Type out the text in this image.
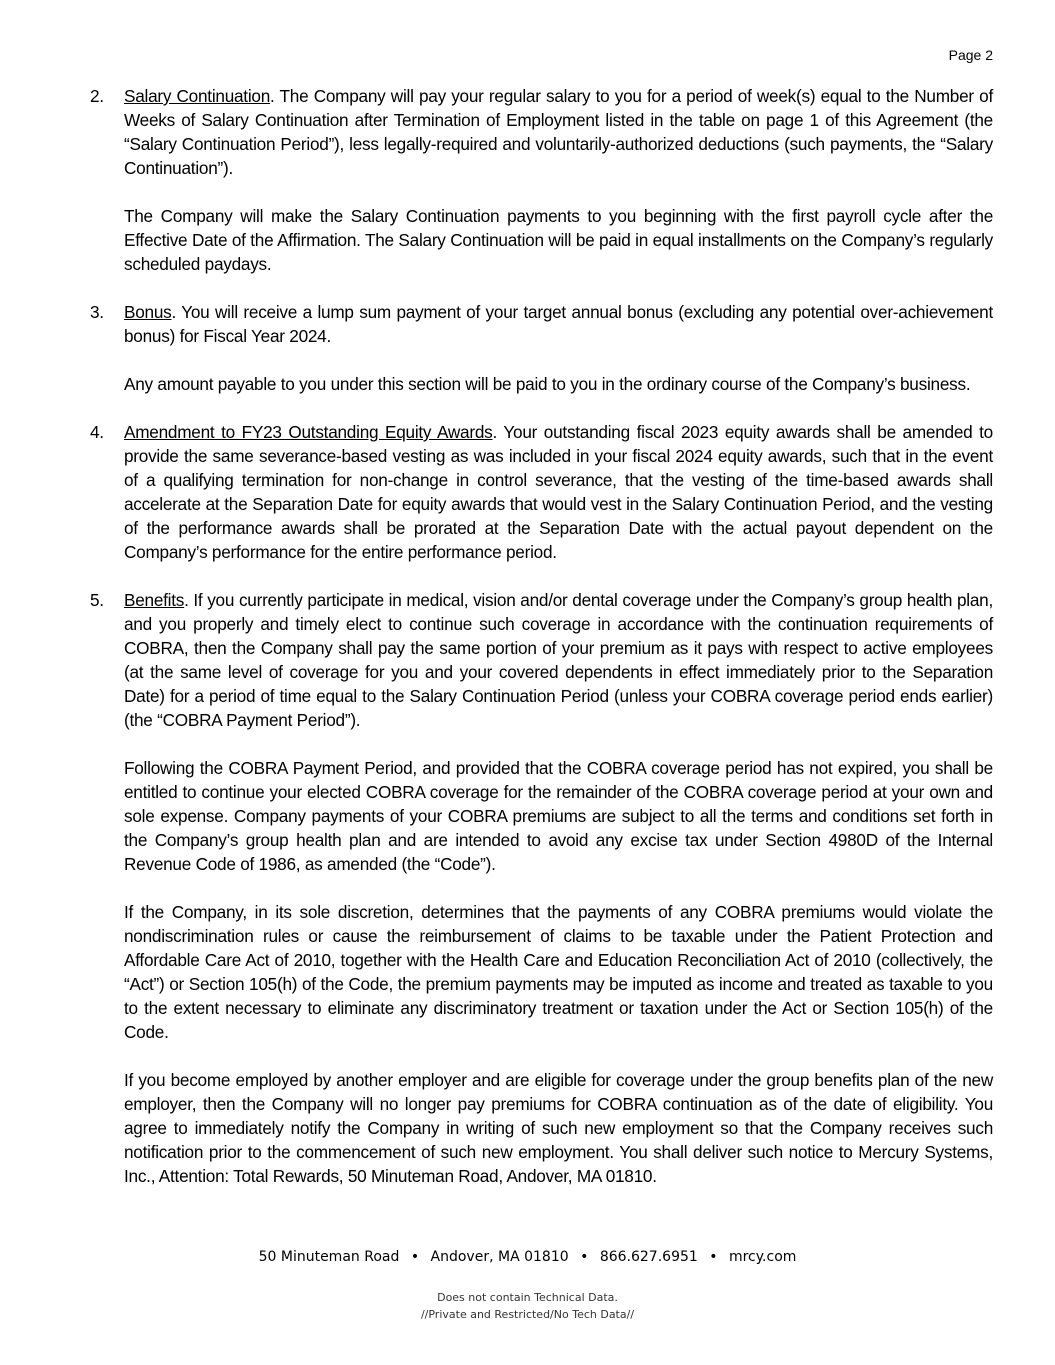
Page 2
2. Salary Continuation. The Company will pay your regular salary to you for a period of week(s) equal to the Number of Weeks of Salary Continuation after Termination of Employment listed in the table on page 1 of this Agreement (the “Salary Continuation Period”), less legally-required and voluntarily-authorized deductions (such payments, the “Salary Continuation”).
The Company will make the Salary Continuation payments to you beginning with the first payroll cycle after the Effective Date of the Affirmation. The Salary Continuation will be paid in equal installments on the Company’s regularly scheduled paydays.
3. Bonus. You will receive a lump sum payment of your target annual bonus (excluding any potential over-achievement bonus) for Fiscal Year 2024.
Any amount payable to you under this section will be paid to you in the ordinary course of the Company’s business.
4. Amendment to FY23 Outstanding Equity Awards. Your outstanding fiscal 2023 equity awards shall be amended to provide the same severance-based vesting as was included in your fiscal 2024 equity awards, such that in the event of a qualifying termination for non-change in control severance, that the vesting of the time-based awards shall accelerate at the Separation Date for equity awards that would vest in the Salary Continuation Period, and the vesting of the performance awards shall be prorated at the Separation Date with the actual payout dependent on the Company’s performance for the entire performance period.
5. Benefits. If you currently participate in medical, vision and/or dental coverage under the Company’s group health plan, and you properly and timely elect to continue such coverage in accordance with the continuation requirements of COBRA, then the Company shall pay the same portion of your premium as it pays with respect to active employees (at the same level of coverage for you and your covered dependents in effect immediately prior to the Separation Date) for a period of time equal to the Salary Continuation Period (unless your COBRA coverage period ends earlier) (the “COBRA Payment Period”).
Following the COBRA Payment Period, and provided that the COBRA coverage period has not expired, you shall be entitled to continue your elected COBRA coverage for the remainder of the COBRA coverage period at your own and sole expense. Company payments of your COBRA premiums are subject to all the terms and conditions set forth in the Company’s group health plan and are intended to avoid any excise tax under Section 4980D of the Internal Revenue Code of 1986, as amended (the “Code”).
If the Company, in its sole discretion, determines that the payments of any COBRA premiums would violate the nondiscrimination rules or cause the reimbursement of claims to be taxable under the Patient Protection and Affordable Care Act of 2010, together with the Health Care and Education Reconciliation Act of 2010 (collectively, the “Act”) or Section 105(h) of the Code, the premium payments may be imputed as income and treated as taxable to you to the extent necessary to eliminate any discriminatory treatment or taxation under the Act or Section 105(h) of the Code.
If you become employed by another employer and are eligible for coverage under the group benefits plan of the new employer, then the Company will no longer pay premiums for COBRA continuation as of the date of eligibility. You agree to immediately notify the Company in writing of such new employment so that the Company receives such notification prior to the commencement of such new employment. You shall deliver such notice to Mercury Systems, Inc., Attention: Total Rewards, 50 Minuteman Road, Andover, MA 01810.
50 Minuteman Road • Andover, MA 01810 • 866.627.6951 • mrcy.com
Does not contain Technical Data.
//Private and Restricted/No Tech Data//
